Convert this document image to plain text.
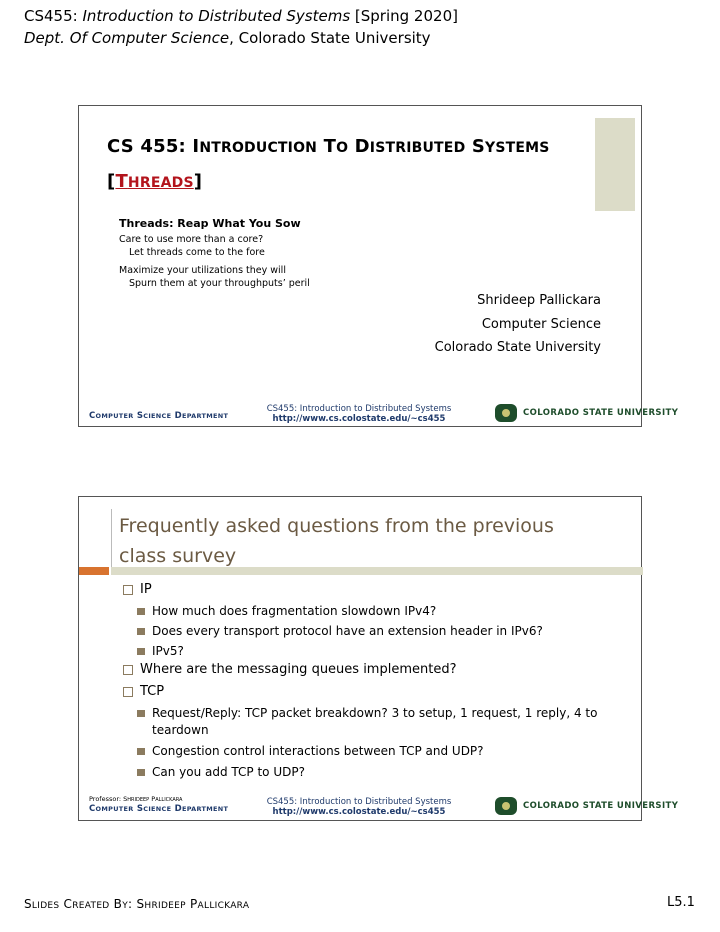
CS455: Introduction to Distributed Systems [Spring 2020]
Dept. Of Computer Science, Colorado State University
CS 455: INTRODUCTION TO DISTRIBUTED SYSTEMS
[THREADS]
Threads: Reap What You Sow
Care to use more than a core?
Let threads come to the fore
Maximize your utilizations they will
Spurn them at your throughputs’ peril
Shrideep Pallickara
Computer Science
Colorado State University
COMPUTER SCIENCE DEPARTMENT
CS455: Introduction to Distributed Systems
http://www.cs.colostate.edu/~cs455
COLORADO STATE UNIVERSITY
Frequently asked questions from the previous class survey
IP
How much does fragmentation slowdown IPv4?
Does every transport protocol have an extension header in IPv6?
IPv5?
Where are the messaging queues implemented?
TCP
Request/Reply: TCP packet breakdown? 3 to setup, 1 request, 1 reply, 4 to teardown
Congestion control interactions between TCP and UDP?
Can you add TCP to UDP?
Professor: SHRIDEEP PALLICKARA
COMPUTER SCIENCE DEPARTMENT
CS455: Introduction to Distributed Systems
http://www.cs.colostate.edu/~cs455
COLORADO STATE UNIVERSITY
SLIDES CREATED BY: SHRIDEEP PALLICKARA	L5.1
